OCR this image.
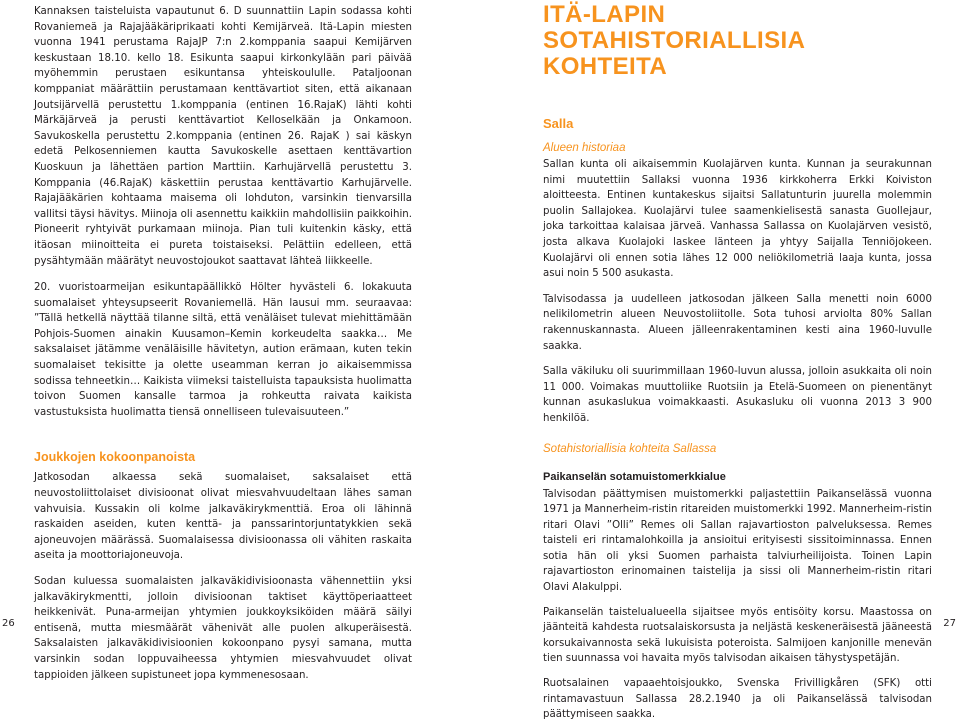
Kannaksen taisteluista vapautunut 6. D suunnattiin Lapin sodassa kohti Rovaniemeä ja Rajajääkäriprikaati kohti Kemijärveä. Itä-Lapin miesten vuonna 1941 perustama RajaJP 7:n 2.komppania saapui Kemijärven keskustaan 18.10. kello 18. Esikunta saapui kirkonkylään pari päivää myöhemmin perustaen esikuntansa yhteiskoululle. Pataljoonan komppaniat määrättiin perustamaan kenttävartiot siten, että aikanaan Joutsijärvellä perustettu 1.komppania (entinen 16.RajaK) lähti kohti Märkäjärveä ja perusti kenttävartiot Kelloselkään ja Onkamoon. Savukoskella perustettu 2.komppania (entinen 26. RajaK ) sai käskyn edetä Pelkosenniemen kautta Savukoskelle asettaen kenttävartion Kuoskuun ja lähettäen partion Marttiin. Karhujärvellä perustettu 3. Komppania (46.RajaK) käskettiin perustaa kenttävartio Karhujärvelle. Rajajääkärien kohtaama maisema oli lohduton, varsinkin tienvarsilla vallitsi täysi hävitys. Miinoja oli asennettu kaikkiin mahdollisiin paikkoihin. Pioneerit ryhtyivät purkamaan miinoja. Pian tuli kuitenkin käsky, että itäosan miinoitteita ei pureta toistaiseksi. Pelättiin edelleen, että pysähtymään määrätyt neuvostojoukot saattavat lähteä liikkeelle.

20. vuoristoarmeijan esikuntapäällikkö Hölter hyvästeli 6. lokakuuta suomalaiset yhteysupseerit Rovaniemellä. Hän lausui mm. seuraavaa: ”Tällä hetkellä näyttää tilanne siltä, että venäläiset tulevat miehittämään Pohjois-Suomen ainakin Kuusamon–Kemin korkeudelta saakka… Me saksalaiset jätämme venäläisille hävitetyn, aution erämaan, kuten tekin suomalaiset tekisitte ja olette useamman kerran jo aikaisemmissa sodissa tehneetkin… Kaikista viimeksi taistelluista tapauksista huolimatta toivon Suomen kansalle tarmoa ja rohkeutta raivata kaikista vastustuksista huolimatta tiensä onnelliseen tulevaisuuteen.”

Joukkojen kokoonpanoista

Jatkosodan alkaessa sekä suomalaiset, saksalaiset että neuvostoliittolaiset divisioonat olivat miesvahvuudeltaan lähes saman vahvuisia. Kussakin oli kolme jalkaväkirykmenttiä. Eroa oli lähinnä raskaiden aseiden, kuten kenttä- ja panssarintorjuntatykkien sekä ajoneuvojen määrässä. Suomalaisessa divisioonassa oli vähiten raskaita aseita ja moottoriajoneuvoja.

Sodan kuluessa suomalaisten jalkaväkidivisioonasta vähennettiin yksi jalkaväkirykmentti, jolloin divisioonan taktiset käyttöperiaatteet heikkenivät. Puna-armeijan yhtymien joukkoyksiköiden määrä säilyi entisenä, mutta miesmäärät vähenivät alle puolen alkuperäisestä. Saksalaisten jalkaväkidivisioonien kokoonpano pysyi samana, mutta varsinkin sodan loppuvaiheessa yhtymien miesvahvuudet olivat tappioiden jälkeen supistuneet jopa kymmenesosaan.

ITÄ-LAPIN SOTAHISTORIALLISIA KOHTEITA
Salla
Alueen historiaa

Sallan kunta oli aikaisemmin Kuolajärven kunta. Kunnan ja seurakunnan nimi muutettiin Sallaksi vuonna 1936 kirkkoherra Erkki Koiviston aloitteesta. Entinen kuntakeskus sijaitsi Sallatunturin juurella molemmin puolin Sallajokea. Kuolajärvi tulee saamenkielisestä sanasta Guollejaur, joka tarkoittaa kalaisaa järveä. Vanhassa Sallassa on Kuolajärven vesistö, josta alkava Kuolajoki laskee länteen ja yhtyy Saijalla Tenniöjokeen. Kuolajärvi oli ennen sotia lähes 12 000 neliökilometriä laaja kunta, jossa asui noin 5 500 asukasta.

Talvisodassa ja uudelleen jatkosodan jälkeen Salla menetti noin 6000 nelikilometrin alueen Neuvostoliitolle. Sota tuhosi arviolta 80% Sallan rakennuskannasta. Alueen jälleenrakentaminen kesti aina 1960-luvulle saakka.

Salla väkiluku oli suurimmillaan 1960-luvun alussa, jolloin asukkaita oli noin 11 000. Voimakas muuttoliike Ruotsiin ja Etelä-Suomeen on pienentänyt kunnan asukaslukua voimakkaasti. Asukasluku oli vuonna 2013 3 900 henkilöä.

Sotahistoriallisia kohteita Sallassa
Paikanselän sotamuistomerkkialue

Talvisodan päättymisen muistomerkki paljastettiin Paikanselässä vuonna 1971 ja Mannerheim-ristin ritareiden muistomerkki 1992. Mannerheim-ristin ritari Olavi ”Olli” Remes oli Sallan rajavartioston palveluksessa. Remes taisteli eri rintamalohkoilla ja ansioitui erityisesti sissitoiminnassa. Ennen sotia hän oli yksi Suomen parhaista talviurheilijoista. Toinen Lapin rajavartioston erinomainen taistelija ja sissi oli Mannerheim-ristin ritari Olavi Alakulppi.

Paikanselän taistelualueella sijaitsee myös entisöity korsu. Maastossa on jäänteitä kahdesta ruotsalaiskorsusta ja neljästä keskeneräisestä jääneestä korsukaivannosta sekä lukuisista poteroista. Salmijoen kanjonille menevän tien suunnassa voi havaita myös talvisodan aikaisen tähystyspetäjän.

Ruotsalainen vapaaehtoisjoukko, Svenska Frivilligkåren (SFK) otti rintamavastuun Sallassa 28.2.1940 ja oli Paikanselässä talvisodan päättymiseen saakka.

26	27
